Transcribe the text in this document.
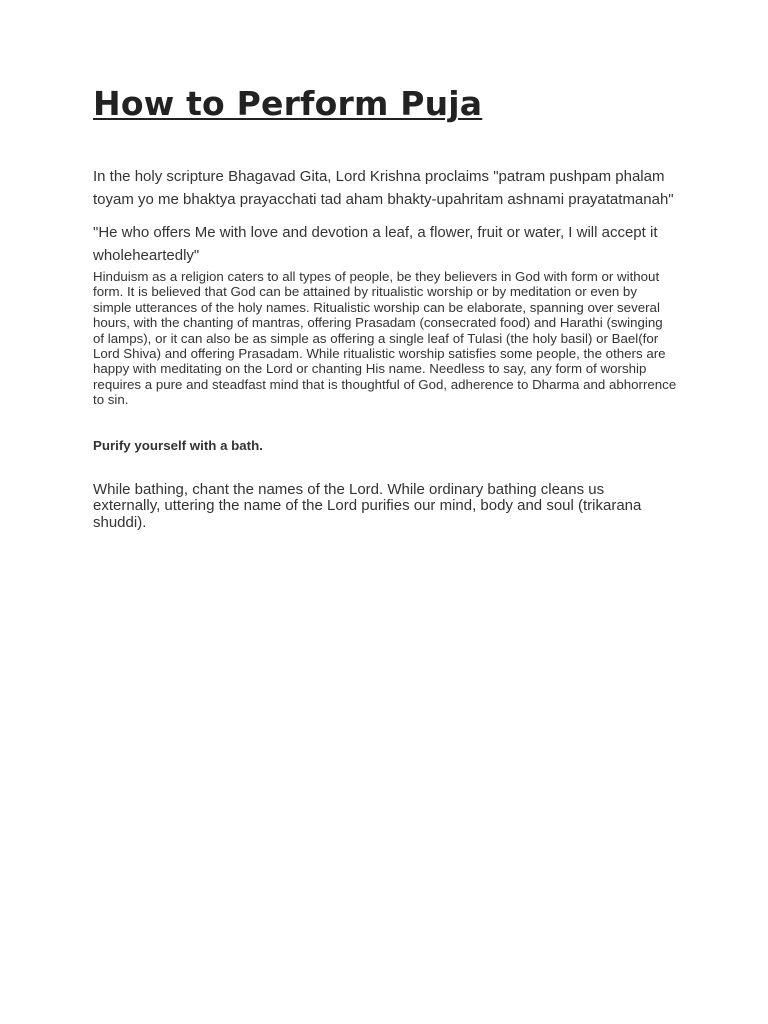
How to Perform Puja

In the holy scripture Bhagavad Gita, Lord Krishna proclaims "patram pushpam phalam toyam yo me bhaktya prayacchati tad aham bhakty-upahritam ashnami prayatatmanah"

"He who offers Me with love and devotion a leaf, a flower, fruit or water, I will accept it wholeheartedly"

Hinduism as a religion caters to all types of people, be they believers in God with form or without form. It is believed that God can be attained by ritualistic worship or by meditation or even by simple utterances of the holy names. Ritualistic worship can be elaborate, spanning over several hours, with the chanting of mantras, offering Prasadam (consecrated food) and Harathi (swinging of lamps), or it can also be as simple as offering a single leaf of Tulasi (the holy basil) or Bael(for Lord Shiva) and offering Prasadam. While ritualistic worship satisfies some people, the others are happy with meditating on the Lord or chanting His name. Needless to say, any form of worship requires a pure and steadfast mind that is thoughtful of God, adherence to Dharma and abhorrence to sin.

Purify yourself with a bath.

While bathing, chant the names of the Lord. While ordinary bathing cleans us externally, uttering the name of the Lord purifies our mind, body and soul (trikarana shuddi).
